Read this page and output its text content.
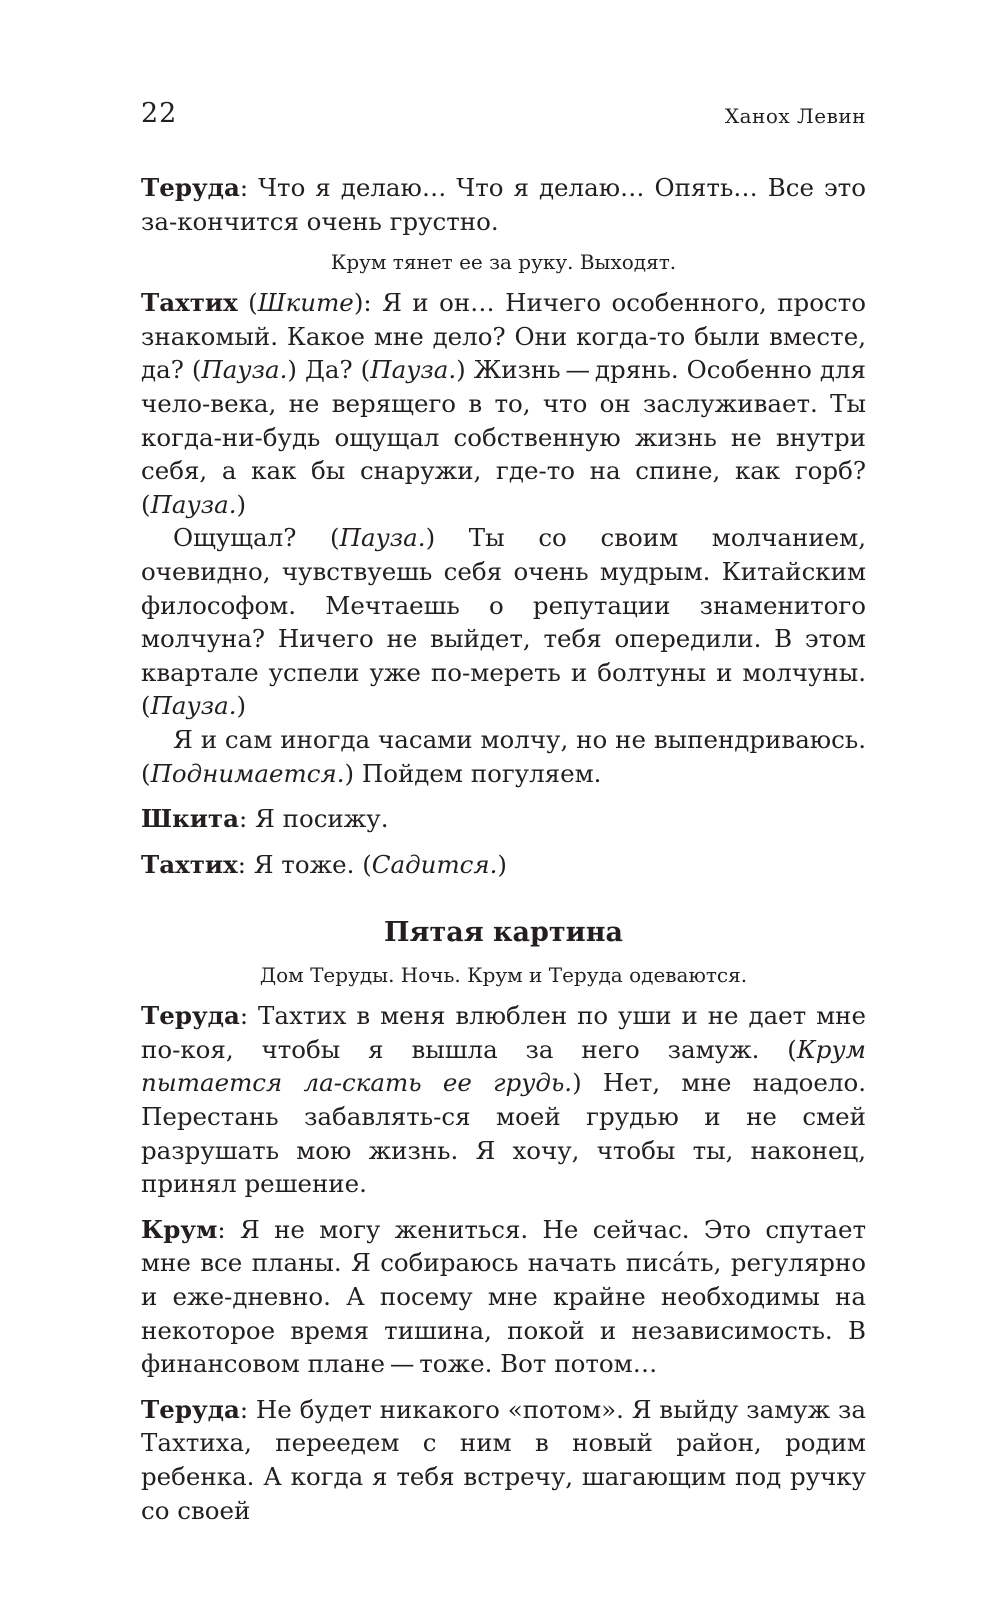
22	Ханох Левин

Теруда: Что я делаю… Что я делаю… Опять… Все это за-кончится очень грустно.

Крум тянет ее за руку. Выходят.

Тахтих (Шките): Я и он… Ничего особенного, просто знакомый. Какое мне дело? Они когда-то были вместе, да? (Пауза.) Да? (Пауза.) Жизнь — дрянь. Особенно для чело-века, не верящего в то, что он заслуживает. Ты когда-ни-будь ощущал собственную жизнь не внутри себя, а как бы снаружи, где-то на спине, как горб? (Пауза.)

Ощущал? (Пауза.) Ты со своим молчанием, очевидно, чувствуешь себя очень мудрым. Китайским философом. Мечтаешь о репутации знаменитого молчуна? Ничего не выйдет, тебя опередили. В этом квартале успели уже по-мереть и болтуны и молчуны. (Пауза.)

Я и сам иногда часами молчу, но не выпендриваюсь. (Поднимается.) Пойдем погуляем.

Шкита: Я посижу.

Тахтих: Я тоже. (Садится.)

Пятая картина
Дом Теруды. Ночь. Крум и Теруда одеваются.

Теруда: Тахтих в меня влюблен по уши и не дает мне по-коя, чтобы я вышла за него замуж. (Крум пытается ла-скать ее грудь.) Нет, мне надоело. Перестань забавлять-ся моей грудью и не смей разрушать мою жизнь. Я хочу, чтобы ты, наконец, принял решение.

Крум: Я не могу жениться. Не сейчас. Это спутает мне все планы. Я собираюсь начать писáть, регулярно и еже-дневно. А посему мне крайне необходимы на некоторое время тишина, покой и независимость. В финансовом плане — тоже. Вот потом…

Теруда: Не будет никакого «потом». Я выйду замуж за Тахтиха, переедем с ним в новый район, родим ребенка. А когда я тебя встречу, шагающим под ручку со своей
